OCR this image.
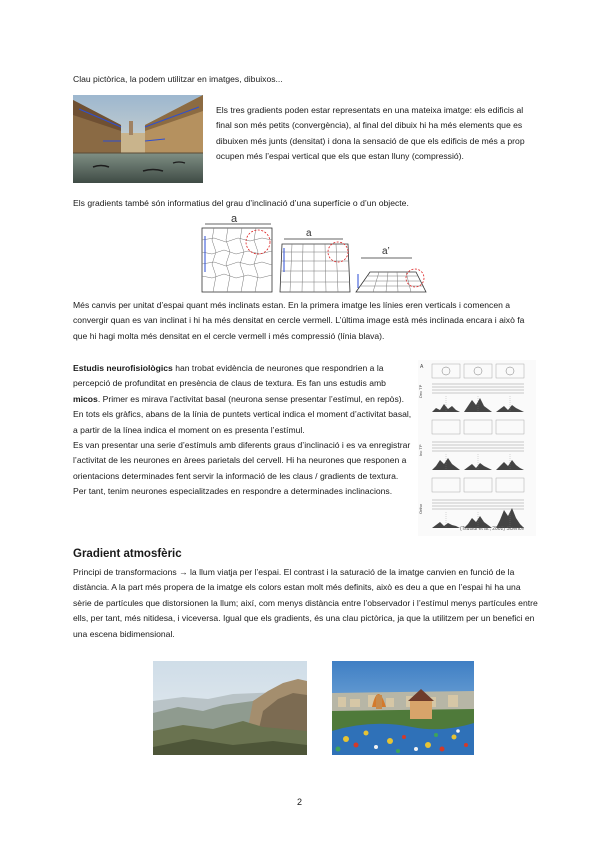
Clau pictòrica, la podem utilitzar en imatges, dibuixos...

Els tres gradients poden estar representats en una mateixa imatge: els edificis al final son més petits (convergència), al final del dibuix hi ha més elements que es dibuixen més junts (densitat) i dona la sensació de que els edificis de més a prop ocupen més l’espai vertical que els que estan lluny (compressió).

Els gradients també són informatius del grau d’inclinació d’una superfície o d’un objecte.

a
a
a’

Més canvis per unitat d’espai quant més inclinats estan. En la primera imatge les línies eren verticals i comencen a convergir quan es van inclinat i hi ha més densitat en cercle vermell. L’última image està més inclinada encara i això fa que hi hagi molta més densitat en el cercle vermell i més compressió (línia blava).

Estudis neurofisiològics han trobat evidència de neurones que respondrien a la percepció de profunditat en presència de claus de textura. Es fan uns estudis amb micos. Primer es mirava l’activitat basal (neurona sense presentar l’estímul, en repòs). En tots els gràfics, abans de la línia de puntets vertical indica el moment d’activitat basal, a partir de la línea indica el moment on es presenta l’estímul.

Es van presentar una serie d’estímuls amb diferents graus d’inclinació i es va enregistrar l’activitat de les neurones en àrees parietals del cervell. Hi ha neurones que responen a orientacions determinades fent servir la informació de les claus / gradients de textura. Per tant, tenim neurones especialitzades en respondre a determinades inclinacions.

A
Dec TP
Inc TP
Ortho
(Tsutsui et al., 2002) Science
Gradient atmosfèric

Principi de transformacions → la llum viatja per l’espai. El contrast i la saturació de la imatge canvien en funció de la distància. A la part més propera de la imatge els colors estan molt més definits, això es deu a que en l’espai hi ha una sèrie de partícules que distorsionen la llum; així, com menys distància entre l’observador i l’estímul menys partícules entre ells, per tant, més nitidesa, i viceversa. Igual que els gradients, és una clau pictòrica, ja que la utilitzem per un benefici en una escena bidimensional.

2
